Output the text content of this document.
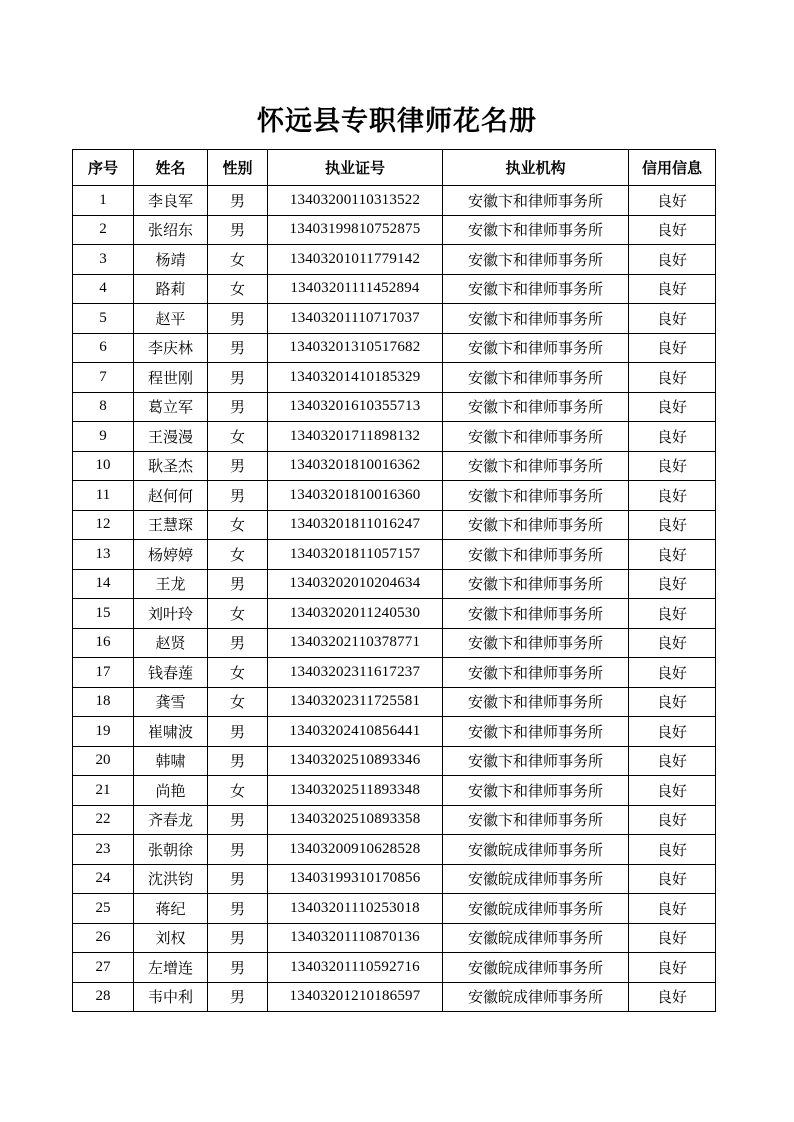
怀远县专职律师花名册
序号	姓名	性别	执业证号	执业机构	信用信息
1	李良军	男	13403200110313522	安徽卞和律师事务所	良好
2	张绍东	男	13403199810752875	安徽卞和律师事务所	良好
3	杨靖	女	13403201011779142	安徽卞和律师事务所	良好
4	路莉	女	13403201111452894	安徽卞和律师事务所	良好
5	赵平	男	13403201110717037	安徽卞和律师事务所	良好
6	李庆林	男	13403201310517682	安徽卞和律师事务所	良好
7	程世刚	男	13403201410185329	安徽卞和律师事务所	良好
8	葛立军	男	13403201610355713	安徽卞和律师事务所	良好
9	王漫漫	女	13403201711898132	安徽卞和律师事务所	良好
10	耿圣杰	男	13403201810016362	安徽卞和律师事务所	良好
11	赵何何	男	13403201810016360	安徽卞和律师事务所	良好
12	王慧琛	女	13403201811016247	安徽卞和律师事务所	良好
13	杨婷婷	女	13403201811057157	安徽卞和律师事务所	良好
14	王龙	男	13403202010204634	安徽卞和律师事务所	良好
15	刘叶玲	女	13403202011240530	安徽卞和律师事务所	良好
16	赵贤	男	13403202110378771	安徽卞和律师事务所	良好
17	钱春莲	女	13403202311617237	安徽卞和律师事务所	良好
18	龚雪	女	13403202311725581	安徽卞和律师事务所	良好
19	崔啸波	男	13403202410856441	安徽卞和律师事务所	良好
20	韩啸	男	13403202510893346	安徽卞和律师事务所	良好
21	尚艳	女	13403202511893348	安徽卞和律师事务所	良好
22	齐春龙	男	13403202510893358	安徽卞和律师事务所	良好
23	张朝徐	男	13403200910628528	安徽皖成律师事务所	良好
24	沈洪钧	男	13403199310170856	安徽皖成律师事务所	良好
25	蒋纪	男	13403201110253018	安徽皖成律师事务所	良好
26	刘权	男	13403201110870136	安徽皖成律师事务所	良好
27	左增连	男	13403201110592716	安徽皖成律师事务所	良好
28	韦中利	男	13403201210186597	安徽皖成律师事务所	良好
